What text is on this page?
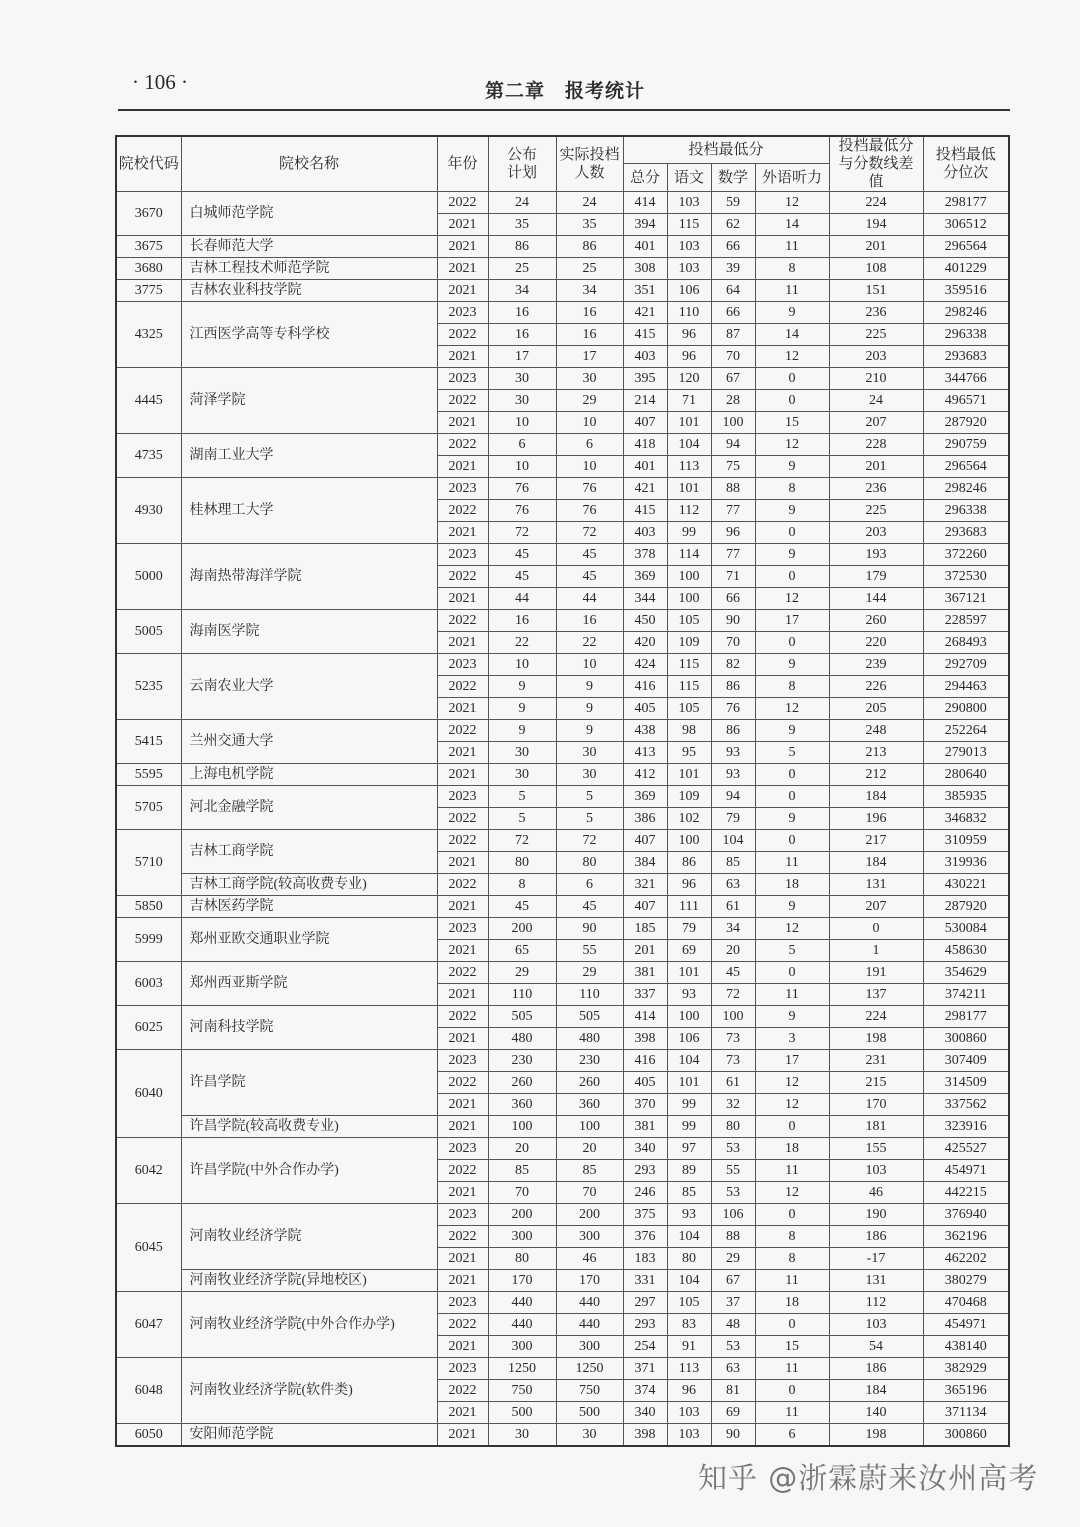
· 106 ·	第二章　报考统计
院校代码	院校名称	年份	公布计划	实际投档人数	投档最低分				投档最低分与分数线差值	投档最低分位次
					总分	语文	数学	外语听力		
3670	白城师范学院	2022	24	24	414	103	59	12	224	298177
		2021	35	35	394	115	62	14	194	306512
3675	长春师范大学	2021	86	86	401	103	66	11	201	296564
3680	吉林工程技术师范学院	2021	25	25	308	103	39	8	108	401229
3775	吉林农业科技学院	2021	34	34	351	106	64	11	151	359516
4325	江西医学高等专科学校	2023	16	16	421	110	66	9	236	298246
		2022	16	16	415	96	87	14	225	296338
		2021	17	17	403	96	70	12	203	293683
4445	菏泽学院	2023	30	30	395	120	67	0	210	344766
		2022	30	29	214	71	28	0	24	496571
		2021	10	10	407	101	100	15	207	287920
4735	湖南工业大学	2022	6	6	418	104	94	12	228	290759
		2021	10	10	401	113	75	9	201	296564
4930	桂林理工大学	2023	76	76	421	101	88	8	236	298246
		2022	76	76	415	112	77	9	225	296338
		2021	72	72	403	99	96	0	203	293683
5000	海南热带海洋学院	2023	45	45	378	114	77	9	193	372260
		2022	45	45	369	100	71	0	179	372530
		2021	44	44	344	100	66	12	144	367121
5005	海南医学院	2022	16	16	450	105	90	17	260	228597
		2021	22	22	420	109	70	0	220	268493
5235	云南农业大学	2023	10	10	424	115	82	9	239	292709
		2022	9	9	416	115	86	8	226	294463
		2021	9	9	405	105	76	12	205	290800
5415	兰州交通大学	2022	9	9	438	98	86	9	248	252264
		2021	30	30	413	95	93	5	213	279013
5595	上海电机学院	2021	30	30	412	101	93	0	212	280640
5705	河北金融学院	2023	5	5	369	109	94	0	184	385935
		2022	5	5	386	102	79	9	196	346832
5710	吉林工商学院	2022	72	72	407	100	104	0	217	310959
		2021	80	80	384	86	85	11	184	319936
	吉林工商学院(较高收费专业)	2022	8	6	321	96	63	18	131	430221
5850	吉林医药学院	2021	45	45	407	111	61	9	207	287920
5999	郑州亚欧交通职业学院	2023	200	90	185	79	34	12	0	530084
		2021	65	55	201	69	20	5	1	458630
6003	郑州西亚斯学院	2022	29	29	381	101	45	0	191	354629
		2021	110	110	337	93	72	11	137	374211
6025	河南科技学院	2022	505	505	414	100	100	9	224	298177
		2021	480	480	398	106	73	3	198	300860
6040	许昌学院	2023	230	230	416	104	73	17	231	307409
		2022	260	260	405	101	61	12	215	314509
		2021	360	360	370	99	32	12	170	337562
	许昌学院(较高收费专业)	2021	100	100	381	99	80	0	181	323916
6042	许昌学院(中外合作办学)	2023	20	20	340	97	53	18	155	425527
		2022	85	85	293	89	55	11	103	454971
		2021	70	70	246	85	53	12	46	442215
6045	河南牧业经济学院	2023	200	200	375	93	106	0	190	376940
		2022	300	300	376	104	88	8	186	362196
		2021	80	46	183	80	29	8	-17	462202
	河南牧业经济学院(异地校区)	2021	170	170	331	104	67	11	131	380279
6047	河南牧业经济学院(中外合作办学)	2023	440	440	297	105	37	18	112	470468
		2022	440	440	293	83	48	0	103	454971
		2021	300	300	254	91	53	15	54	438140
6048	河南牧业经济学院(软件类)	2023	1250	1250	371	113	63	11	186	382929
		2022	750	750	374	96	81	0	184	365196
		2021	500	500	340	103	69	11	140	371134
6050	安阳师范学院	2021	30	30	398	103	90	6	198	300860
知乎 @浙霖蔚来汝州高考
